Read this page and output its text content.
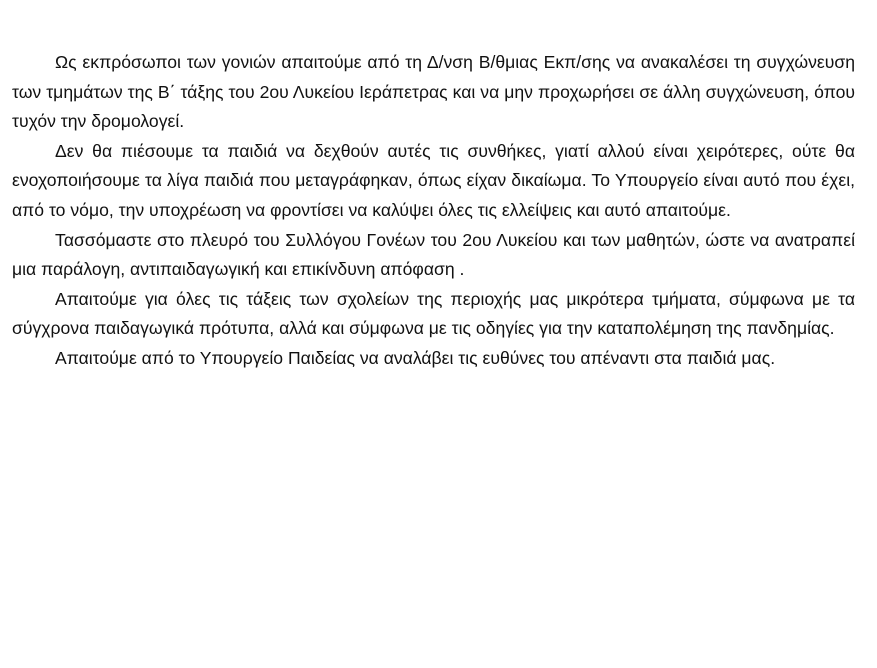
Ως εκπρόσωποι των γονιών απαιτούμε από τη Δ/νση Β/θμιας Εκπ/σης να ανακαλέσει τη συγχώνευση των τμημάτων της Β΄ τάξης του 2ου Λυκείου Ιεράπετρας και να μην προχωρήσει σε άλλη συγχώνευση, όπου τυχόν την δρομολογεί.

Δεν θα πιέσουμε τα παιδιά να δεχθούν αυτές τις συνθήκες, γιατί αλλού είναι χειρότερες, ούτε θα ενοχοποιήσουμε τα λίγα παιδιά που μεταγράφηκαν, όπως είχαν δικαίωμα. Το Υπουργείο είναι αυτό που έχει, από το νόμο, την υποχρέωση να φροντίσει να καλύψει όλες τις ελλείψεις και αυτό απαιτούμε.

Τασσόμαστε στο πλευρό του Συλλόγου Γονέων του 2ου Λυκείου και των μαθητών, ώστε να ανατραπεί μια παράλογη, αντιπαιδαγωγική και επικίνδυνη απόφαση .

Απαιτούμε για όλες τις τάξεις των σχολείων της περιοχής μας μικρότερα τμήματα, σύμφωνα με τα σύγχρονα παιδαγωγικά πρότυπα, αλλά και σύμφωνα με τις οδηγίες για την καταπολέμηση της πανδημίας.

Απαιτούμε από το Υπουργείο Παιδείας να αναλάβει τις ευθύνες του απέναντι στα παιδιά μας.
